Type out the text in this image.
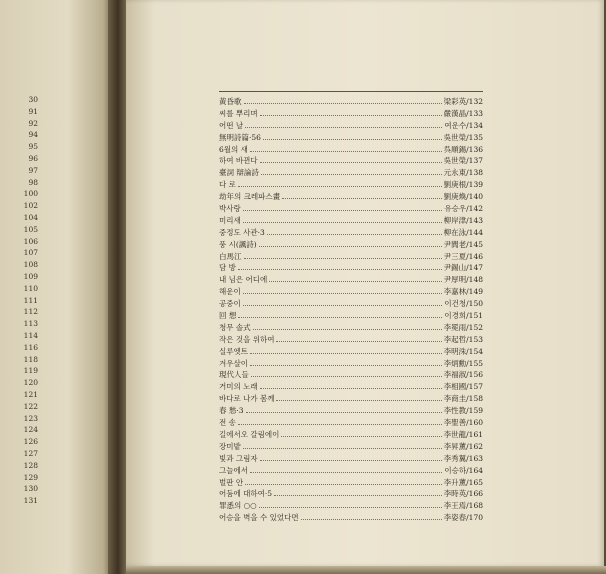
30
91
92
94
95
96
97
98
100
102
104
105
106
107
108
109
110
111
112
113
114
116
118
119
120
121
122
123
124
126
127
128
129
130
131
黃昏歌	梁彩英/132
씨를 뿌리며	嚴漢晶/133
어떤 날	여운수/134
無明詩篇·56	吳世榮/135
6월의 새	呉順錫/136
하여 바뀐다	吳世榮/137
臺詞 辯論詩	元永東/138
다 로	劉庚根/139
劫年의 크레파스畫	劉庚煥/140
박사랑	유승우/142
미리새	柳岸津/143
중정도 사관·3	柳在泳/144
풍 시(諷詩)	尹閭老/145
白馬江	尹三夏/146
담 방	尹錫山/147
내 님은 어디에	尹厚明/148
해운이	李嘉林/149
공중이	이건청/150
回 想	이경희/151
청무 솔式	李冕雨/152
작은 것을 위하여	李起哲/153
실루엣트	李明洙/154
겨우살이	李炳勳/155
現代人들	李福淑/156
거미의 노래	李相國/157
바다로 나가 봄께	李商圭/158
春 愁·3	李性教/159
전 송	李聖善/160
길에서오 갈림에이	李世龍/161
장미밭	李昇薰/162
빛과 그림자	李秀翼/163
그늘에서	이승하/164
벌판 안	李升薰/165
어둠에 대하여·5	李時英/166
罪悉의 ○○	李王焉/168
어승을 벽을 수 있었다면	李姿春/170
